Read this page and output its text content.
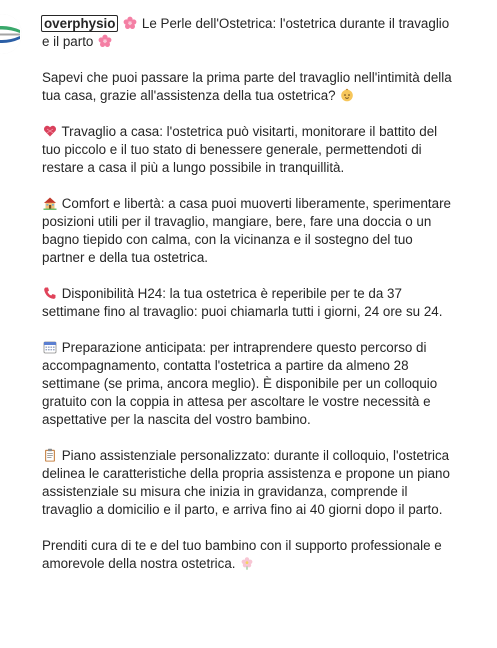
overphysio Le Perle dell'Ostetrica: l'ostetrica durante il travaglio e il parto

Sapevi che puoi passare la prima parte del travaglio nell'intimità della tua casa, grazie all'assistenza della tua ostetrica?

Travaglio a casa: l'ostetrica può visitarti, monitorare il battito del tuo piccolo e il tuo stato di benessere generale, permettendoti di restare a casa il più a lungo possibile in tranquillità.

Comfort e libertà: a casa puoi muoverti liberamente, sperimentare posizioni utili per il travaglio, mangiare, bere, fare una doccia o un bagno tiepido con calma, con la vicinanza e il sostegno del tuo partner e della tua ostetrica.

Disponibilità H24: la tua ostetrica è reperibile per te da 37 settimane fino al travaglio: puoi chiamarla tutti i giorni, 24 ore su 24.

Preparazione anticipata: per intraprendere questo percorso di accompagnamento, contatta l'ostetrica a partire da almeno 28 settimane (se prima, ancora meglio). È disponibile per un colloquio gratuito con la coppia in attesa per ascoltare le vostre necessità e aspettative per la nascita del vostro bambino.

Piano assistenziale personalizzato: durante il colloquio, l'ostetrica delinea le caratteristiche della propria assistenza e propone un piano assistenziale su misura che inizia in gravidanza, comprende il travaglio a domicilio e il parto, e arriva fino ai 40 giorni dopo il parto.

Prenditi cura di te e del tuo bambino con il supporto professionale e amorevole della nostra ostetrica.
